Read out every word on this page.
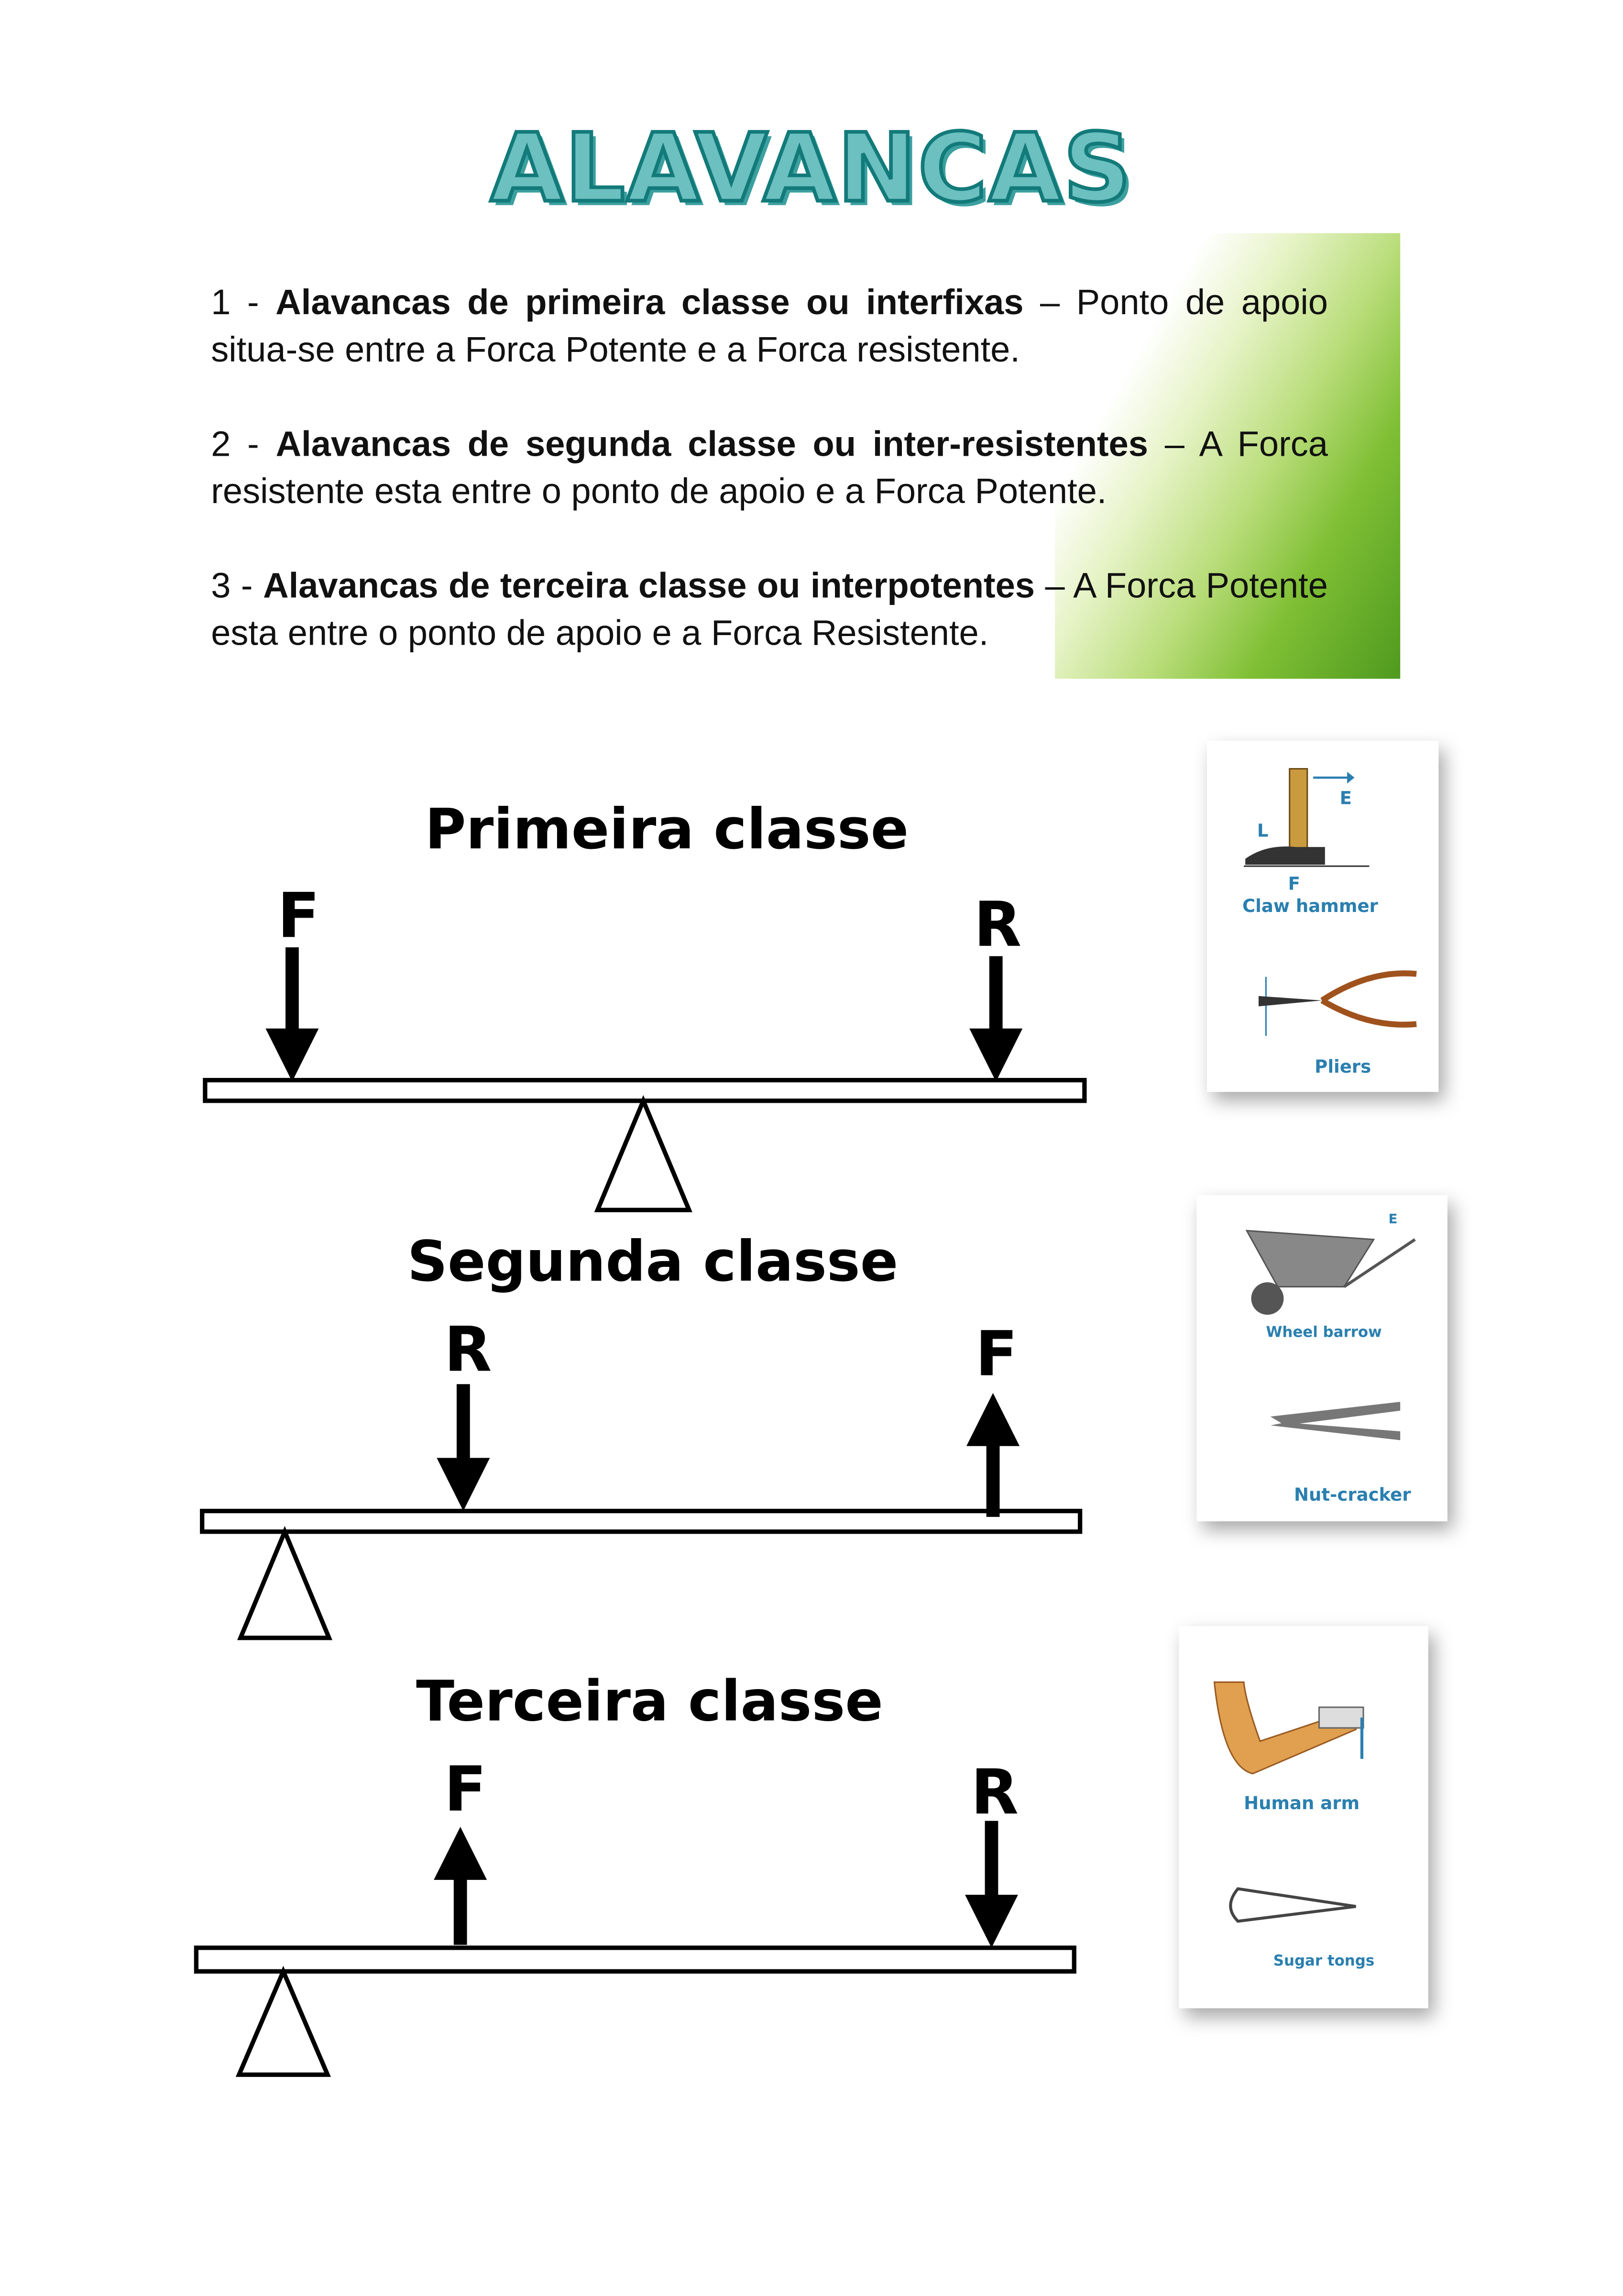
ALAVANCAS
1 - Alavancas de primeira classe ou interfixas – Ponto de apoio situa-se entre a Forca Potente e a Forca resistente.
2 - Alavancas de segunda classe ou inter-resistentes – A Forca resistente esta entre o ponto de apoio e a Forca Potente.
3 - Alavancas de terceira classe ou interpotentes – A Forca Potente esta entre o ponto de apoio e a Forca Resistente.
Primeira classe
F	R
Segunda classe
R	F
Terceira classe
F	R
E
L
F
Claw hammer
Pliers
E
Wheel barrow
Nut-cracker
Human arm
Sugar tongs
